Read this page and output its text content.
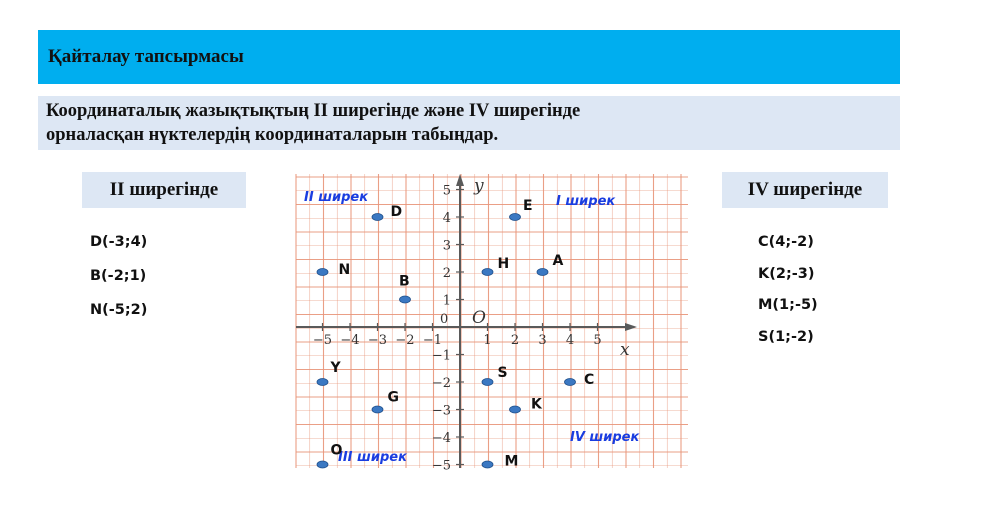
Қайталау тапсырмасы
Координаталық жазықтықтың II ширегінде және IV ширегінде
орналасқан нүктелердің координаталарын табыңдар.
II ширегінде
D(-3;4)
B(-2;1)
N(-5;2)
IV ширегінде
C(4;-2)
K(2;-3)
M(1;-5)
S(1;-2)
x
y
O
0
−5 −4 −3 −2 −1	1 2 3 4 5
−5
−4
−3
−2
−1
1
2
3
4
5
II ширек	I ширек
III ширек
IV ширек
D
N
B
E
H	A
Y
G
O
S	C
K
M
